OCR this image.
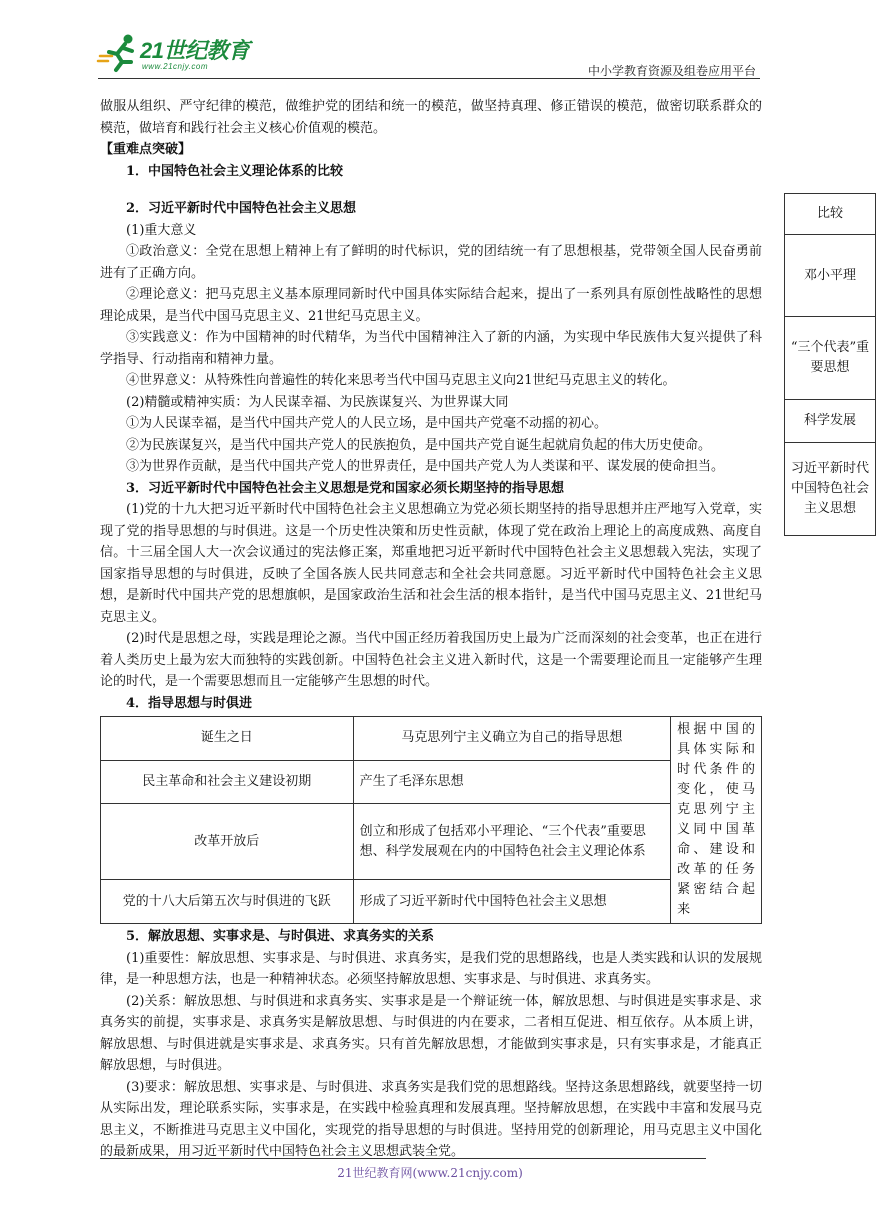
21世纪教育
www.21cnjy.com	中小学教育资源及组卷应用平台

做服从组织、严守纪律的模范，做维护党的团结和统一的模范，做坚持真理、修正错误的模范，做密切联系群众的模范，做培育和践行社会主义核心价值观的模范。

【重难点突破】

1．中国特色社会主义理论体系的比较

2．习近平新时代中国特色社会主义思想

(1)重大意义

①政治意义：全党在思想上精神上有了鲜明的时代标识，党的团结统一有了思想根基，党带领全国人民奋勇前进有了正确方向。

②理论意义：把马克思主义基本原理同新时代中国具体实际结合起来，提出了一系列具有原创性战略性的思想理论成果，是当代中国马克思主义、21世纪马克思主义。

③实践意义：作为中国精神的时代精华，为当代中国精神注入了新的内涵，为实现中华民族伟大复兴提供了科学指导、行动指南和精神力量。

④世界意义：从特殊性向普遍性的转化来思考当代中国马克思主义向21世纪马克思主义的转化。

(2)精髓或精神实质：为人民谋幸福、为民族谋复兴、为世界谋大同

①为人民谋幸福，是当代中国共产党人的人民立场，是中国共产党毫不动摇的初心。

②为民族谋复兴，是当代中国共产党人的民族抱负，是中国共产党自诞生起就肩负起的伟大历史使命。

③为世界作贡献，是当代中国共产党人的世界责任，是中国共产党人为人类谋和平、谋发展的使命担当。

3．习近平新时代中国特色社会主义思想是党和国家必须长期坚持的指导思想

(1)党的十九大把习近平新时代中国特色社会主义思想确立为党必须长期坚持的指导思想并庄严地写入党章，实现了党的指导思想的与时俱进。这是一个历史性决策和历史性贡献，体现了党在政治上理论上的高度成熟、高度自信。十三届全国人大一次会议通过的宪法修正案，郑重地把习近平新时代中国特色社会主义思想载入宪法，实现了国家指导思想的与时俱进，反映了全国各族人民共同意志和全社会共同意愿。习近平新时代中国特色社会主义思想，是新时代中国共产党的思想旗帜，是国家政治生活和社会生活的根本指针，是当代中国马克思主义、21世纪马克思主义。

(2)时代是思想之母，实践是理论之源。当代中国正经历着我国历史上最为广泛而深刻的社会变革，也正在进行着人类历史上最为宏大而独特的实践创新。中国特色社会主义进入新时代，这是一个需要理论而且一定能够产生理论的时代，是一个需要思想而且一定能够产生思想的时代。

4．指导思想与时俱进

诞生之日	马克思列宁主义确立为自己的指导思想	根据中国的具体实际和时代条件的变化，使马克思列宁主义同中国革命、建设和改革的任务紧密结合起来
民主革命和社会主义建设初期	产生了毛泽东思想	
改革开放后	创立和形成了包括邓小平理论、“三个代表”重要思想、科学发展观在内的中国特色社会主义理论体系	
党的十八大后第五次与时俱进的飞跃	形成了习近平新时代中国特色社会主义思想	

5．解放思想、实事求是、与时俱进、求真务实的关系

(1)重要性：解放思想、实事求是、与时俱进、求真务实，是我们党的思想路线，也是人类实践和认识的发展规律，是一种思想方法，也是一种精神状态。必须坚持解放思想、实事求是、与时俱进、求真务实。

(2)关系：解放思想、与时俱进和求真务实、实事求是是一个辩证统一体，解放思想、与时俱进是实事求是、求真务实的前提，实事求是、求真务实是解放思想、与时俱进的内在要求，二者相互促进、相互依存。从本质上讲，解放思想、与时俱进就是实事求是、求真务实。只有首先解放思想，才能做到实事求是，只有实事求是，才能真正解放思想，与时俱进。

(3)要求：解放思想、实事求是、与时俱进、求真务实是我们党的思想路线。坚持这条思想路线，就要坚持一切从实际出发，理论联系实际，实事求是，在实践中检验真理和发展真理。坚持解放思想，在实践中丰富和发展马克思主义，不断推进马克思主义中国化，实现党的指导思想的与时俱进。坚持用党的创新理论，用马克思主义中国化的最新成果，用习近平新时代中国特色社会主义思想武装全党。

比较
邓小平理
“三个代表”重要思想
科学发展
习近平新时代中国特色社会主义思想
21世纪教育网(www.21cnjy.com)
